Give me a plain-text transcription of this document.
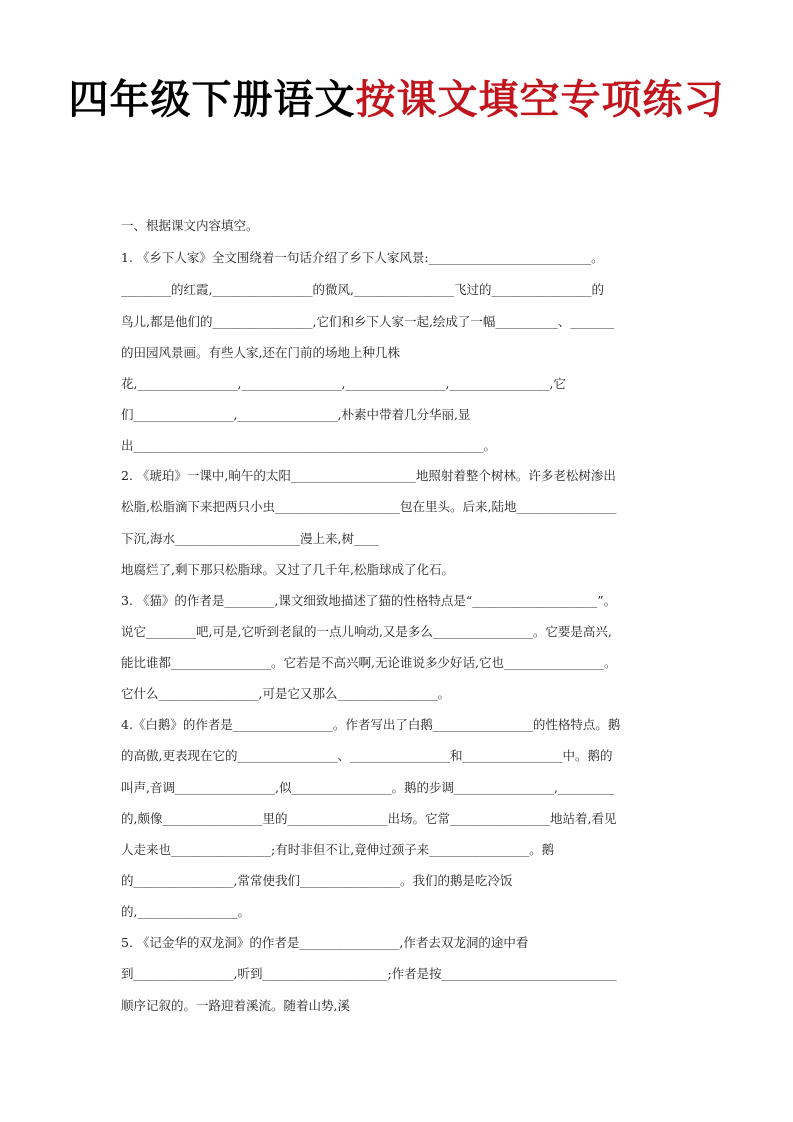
四年级下册语文按课文填空专项练习
一、根据课文内容填空。
1. 《乡下人家》全文围绕着一句话介绍了乡下人家风景:__________________________。
________的红霞,________________的微风,________________飞过的________________的
鸟儿,都是他们的________________,它们和乡下人家一起,绘成了一幅__________、_______
的田园风景画。有些人家,还在门前的场地上种几株
花,________________,________________,________________,________________,它
们________________,________________,朴素中带着几分华丽,显
出________________________________________________________。
2. 《琥珀》一课中,晌午的太阳____________________地照射着整个树林。许多老松树渗出
松脂,松脂滴下来把两只小虫____________________包在里头。后来,陆地________________
下沉,海水____________________漫上来,树____
地腐烂了,剩下那只松脂球。又过了几千年,松脂球成了化石。
3. 《猫》的作者是________,课文细致地描述了猫的性格特点是“____________________”。
说它________吧,可是,它听到老鼠的一点儿响动,又是多么________________。它要是高兴,
能比谁都________________。它若是不高兴啊,无论谁说多少好话,它也________________。
它什么________________,可是它又那么________________。
4.《白鹅》的作者是________________。作者写出了白鹅________________的性格特点。鹅
的高傲,更表现在它的________________、________________和________________中。鹅的
叫声,音调________________,似________________。鹅的步调________________,_________
的,颇像________________里的________________出场。它常________________地站着,看见
人走来也________________;有时非但不让,竟伸过颈子来________________。鹅
的________________,常常使我们________________。我们的鹅是吃冷饭
的,________________。
5. 《记金华的双龙洞》的作者是________________,作者去双龙洞的途中看
到________________,听到____________________;作者是按____________________________
顺序记叙的。一路迎着溪流。随着山势,溪
